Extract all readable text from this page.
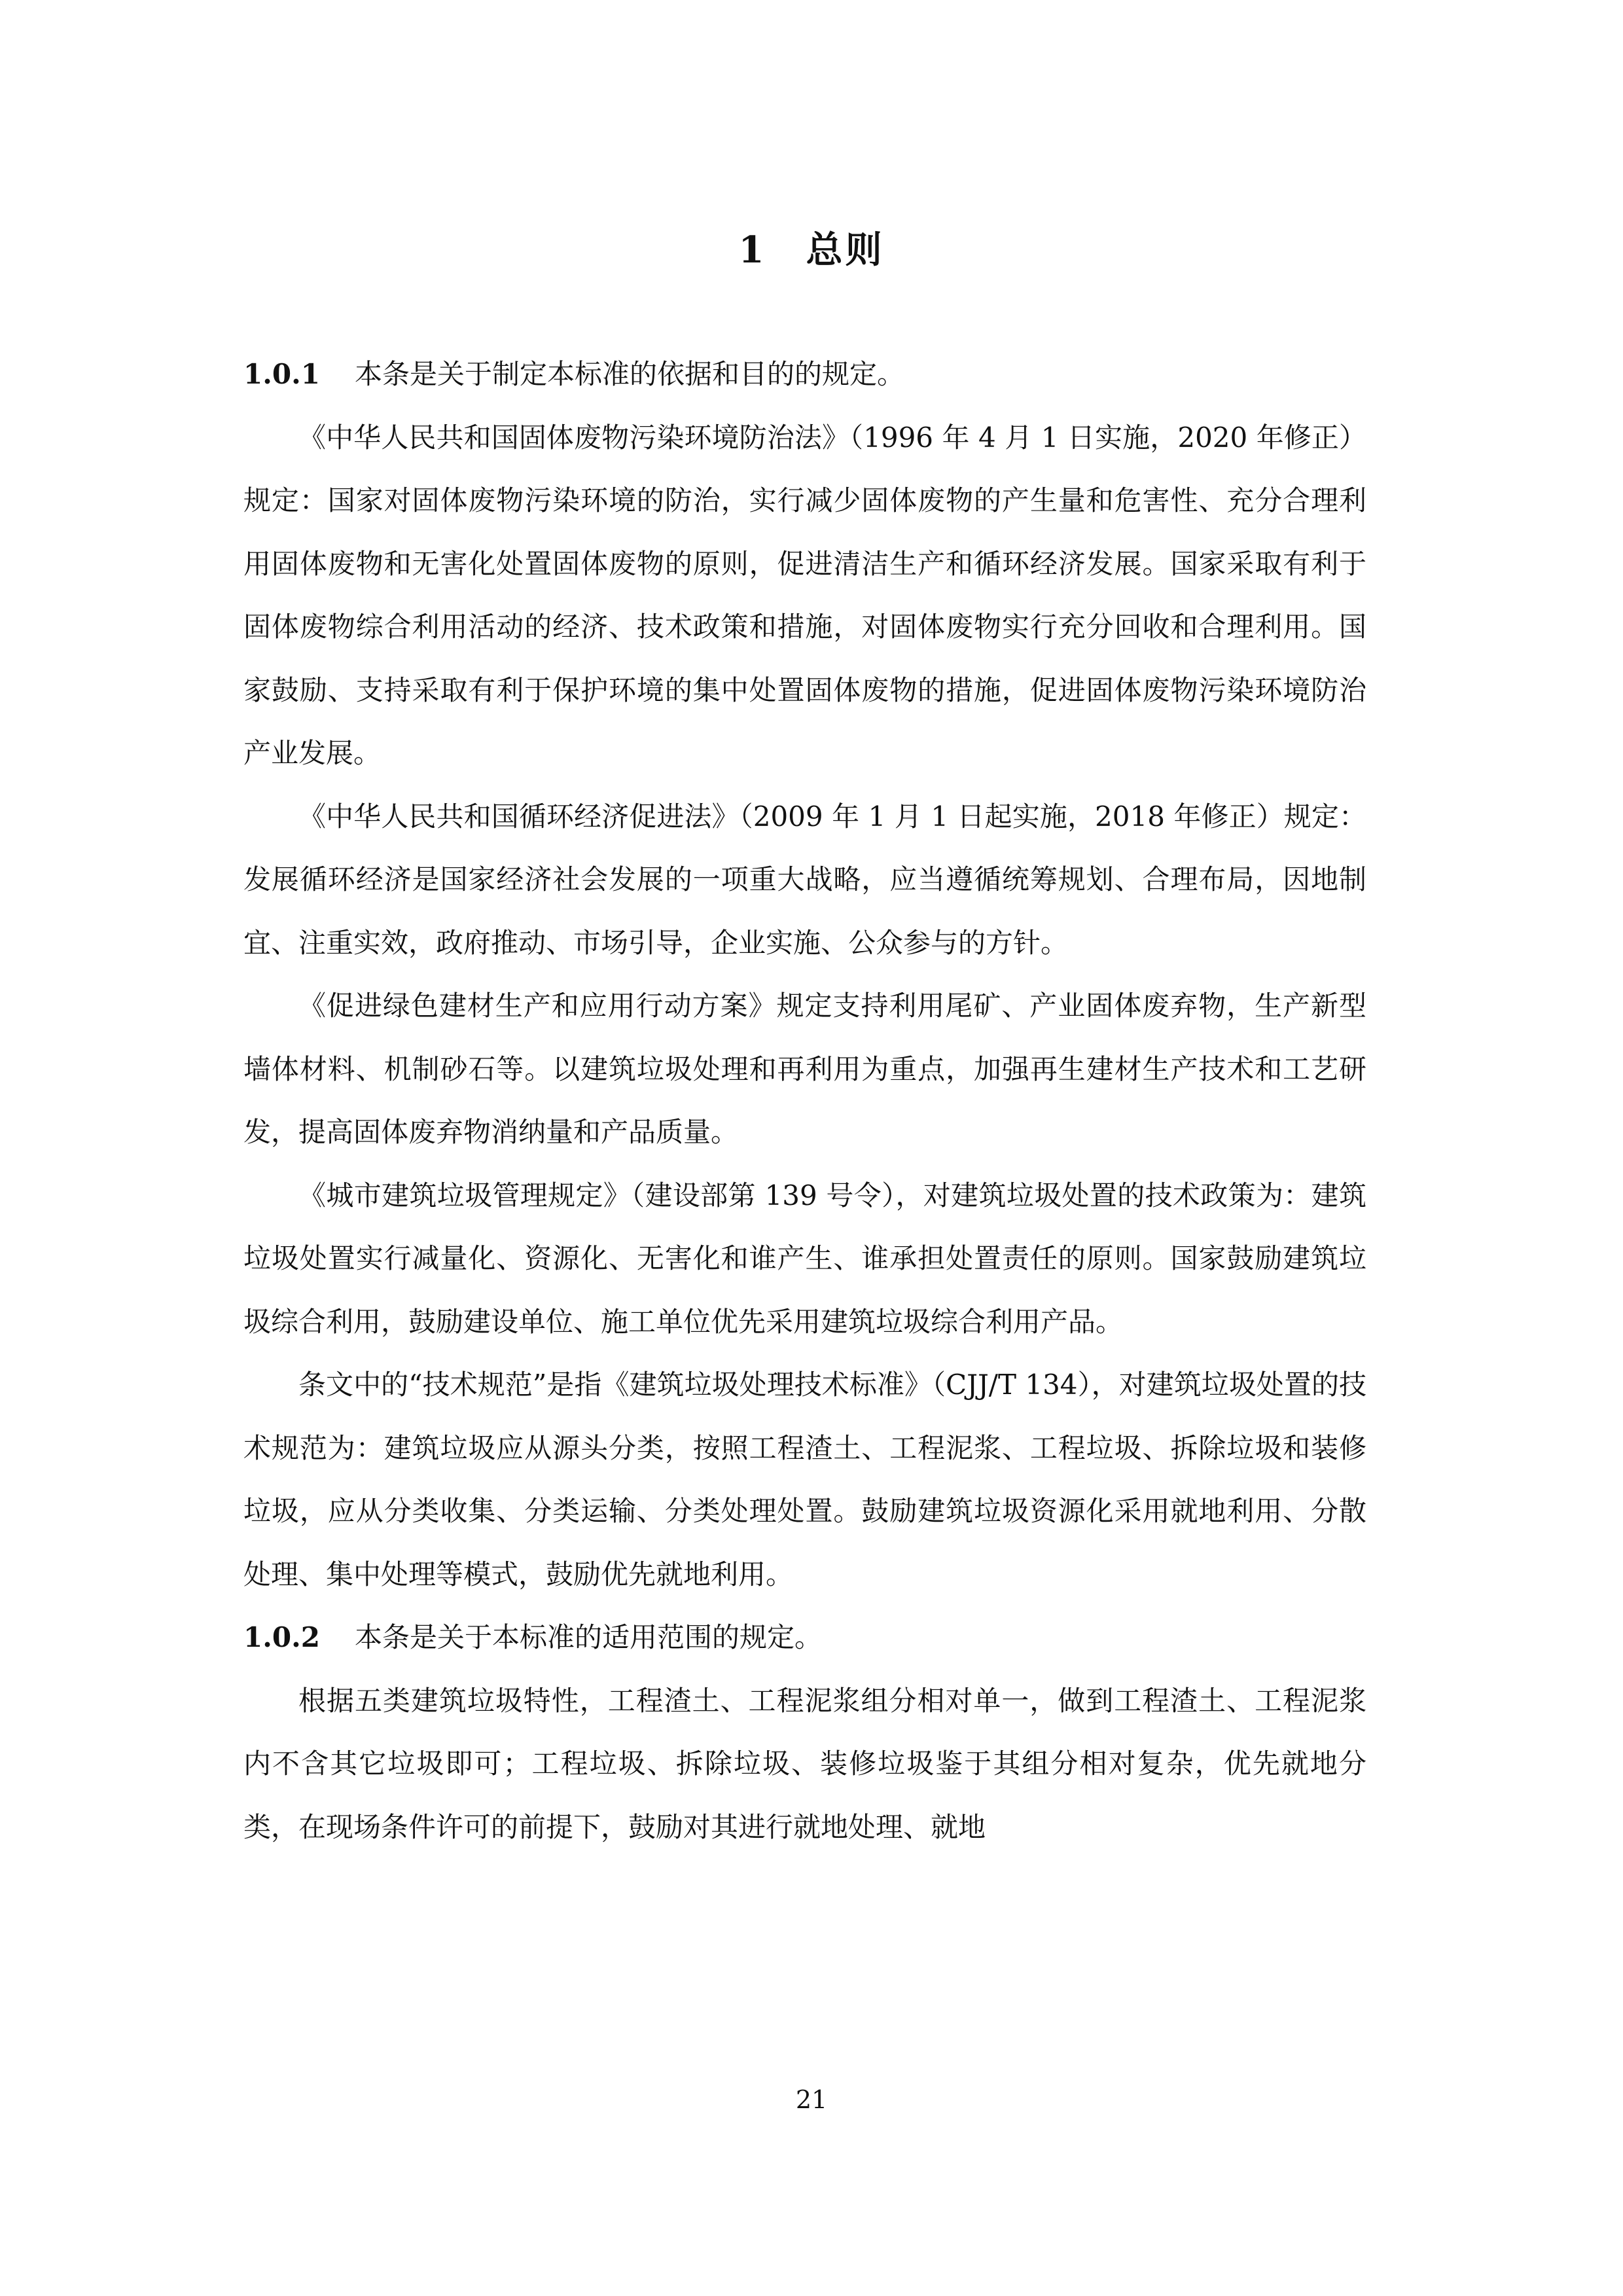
1　总则

1.0.1 本条是关于制定本标准的依据和目的的规定。

《中华人民共和国固体废物污染环境防治法》（1996 年 4 月 1 日实施，2020 年修正）规定：国家对固体废物污染环境的防治，实行减少固体废物的产生量和危害性、充分合理利用固体废物和无害化处置固体废物的原则，促进清洁生产和循环经济发展。国家采取有利于固体废物综合利用活动的经济、技术政策和措施，对固体废物实行充分回收和合理利用。国家鼓励、支持采取有利于保护环境的集中处置固体废物的措施，促进固体废物污染环境防治产业发展。

《中华人民共和国循环经济促进法》（2009 年 1 月 1 日起实施，2018 年修正）规定：发展循环经济是国家经济社会发展的一项重大战略，应当遵循统筹规划、合理布局，因地制宜、注重实效，政府推动、市场引导，企业实施、公众参与的方针。

《促进绿色建材生产和应用行动方案》规定支持利用尾矿、产业固体废弃物，生产新型墙体材料、机制砂石等。以建筑垃圾处理和再利用为重点，加强再生建材生产技术和工艺研发，提高固体废弃物消纳量和产品质量。

《城市建筑垃圾管理规定》（建设部第 139 号令），对建筑垃圾处置的技术政策为：建筑垃圾处置实行减量化、资源化、无害化和谁产生、谁承担处置责任的原则。国家鼓励建筑垃圾综合利用，鼓励建设单位、施工单位优先采用建筑垃圾综合利用产品。

条文中的“技术规范”是指《建筑垃圾处理技术标准》（CJJ/T 134），对建筑垃圾处置的技术规范为：建筑垃圾应从源头分类，按照工程渣土、工程泥浆、工程垃圾、拆除垃圾和装修垃圾，应从分类收集、分类运输、分类处理处置。鼓励建筑垃圾资源化采用就地利用、分散处理、集中处理等模式，鼓励优先就地利用。

1.0.2 本条是关于本标准的适用范围的规定。

根据五类建筑垃圾特性，工程渣土、工程泥浆组分相对单一，做到工程渣土、工程泥浆内不含其它垃圾即可；工程垃圾、拆除垃圾、装修垃圾鉴于其组分相对复杂，优先就地分类，在现场条件许可的前提下，鼓励对其进行就地处理、就地

21
